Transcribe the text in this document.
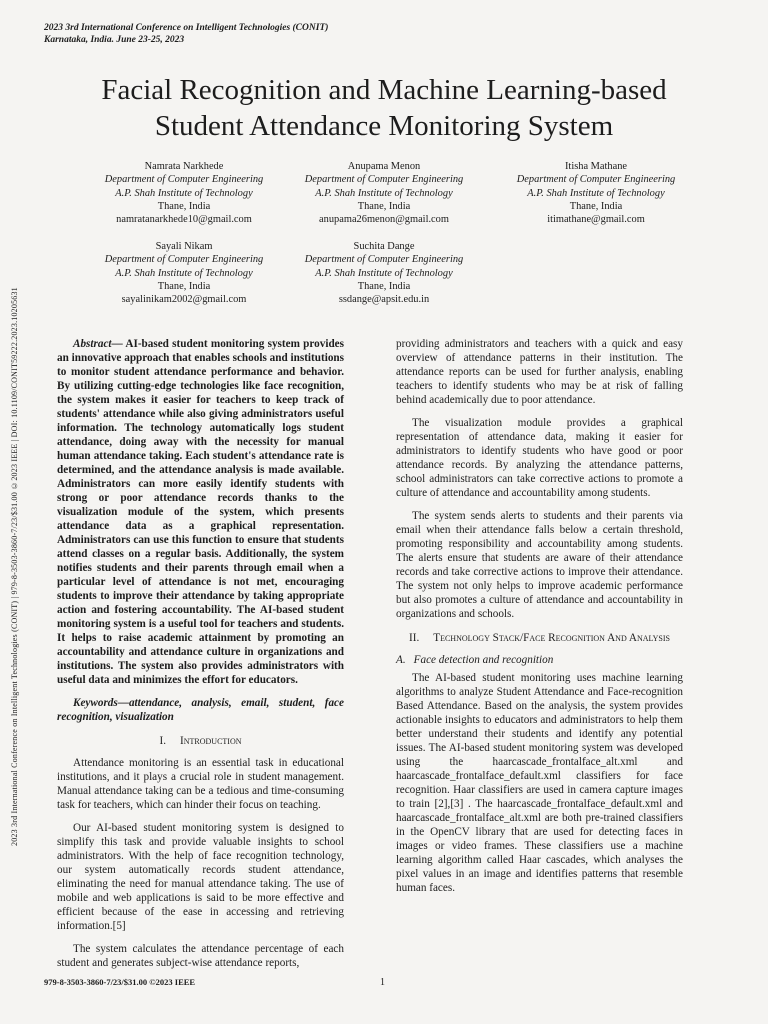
2023 3rd International Conference on Intelligent Technologies (CONIT)
Karnataka, India. June 23-25, 2023
Facial Recognition and Machine Learning-based
Student Attendance Monitoring System
Namrata Narkhede
Department of Computer Engineering
A.P. Shah Institute of Technology
Thane, India
namratanarkhede10@gmail.com
Anupama Menon
Department of Computer Engineering
A.P. Shah Institute of Technology
Thane, India
anupama26menon@gmail.com
Itisha Mathane
Department of Computer Engineering
A.P. Shah Institute of Technology
Thane, India
itimathane@gmail.com
Sayali Nikam
Department of Computer Engineering
A.P. Shah Institute of Technology
Thane, India
sayalinikam2002@gmail.com
Suchita Dange
Department of Computer Engineering
A.P. Shah Institute of Technology
Thane, India
ssdange@apsit.edu.in
2023 3rd International Conference on Intelligent Technologies (CONIT) | 979-8-3503-3860-7/23/$31.00 ©2023 IEEE | DOI: 10.1109/CONIT59222.2023.10205631	Abstract— AI-based student monitoring system provides an innovative approach that enables schools and institutions to monitor student attendance performance and behavior. By utilizing cutting-edge technologies like face recognition, the system makes it easier for teachers to keep track of students' attendance while also giving administrators useful information. The technology automatically logs student attendance, doing away with the necessity for manual human attendance taking. Each student's attendance rate is determined, and the attendance analysis is made available. Administrators can more easily identify students with strong or poor attendance records thanks to the visualization module of the system, which presents attendance data as a graphical representation. Administrators can use this function to ensure that students attend classes on a regular basis. Additionally, the system notifies students and their parents through email when a particular level of attendance is not met, encouraging students to improve their attendance by taking appropriate action and fostering accountability. The AI-based student monitoring system is a useful tool for teachers and students. It helps to raise academic attainment by promoting an accountability and attendance culture in organizations and institutions. The system also provides administrators with useful data and minimizes the effort for educators.

Keywords—attendance, analysis, email, student, face recognition, visualization

I. Introduction

Attendance monitoring is an essential task in educational institutions, and it plays a crucial role in student management. Manual attendance taking can be a tedious and time-consuming task for teachers, which can hinder their focus on teaching.

Our AI-based student monitoring system is designed to simplify this task and provide valuable insights to school administrators. With the help of face recognition technology, our system automatically records student attendance, eliminating the need for manual attendance taking. The use of mobile and web applications is said to be more effective and efficient because of the ease in accessing and retrieving information.[5]

The system calculates the attendance percentage of each student and generates subject-wise attendance reports,

providing administrators and teachers with a quick and easy overview of attendance patterns in their institution. The attendance reports can be used for further analysis, enabling teachers to identify students who may be at risk of falling behind academically due to poor attendance.

The visualization module provides a graphical representation of attendance data, making it easier for administrators to identify students who have good or poor attendance records. By analyzing the attendance patterns, school administrators can take corrective actions to promote a culture of attendance and accountability among students.

The system sends alerts to students and their parents via email when their attendance falls below a certain threshold, promoting responsibility and accountability among students. The alerts ensure that students are aware of their attendance records and take corrective actions to improve their attendance. The system not only helps to improve academic performance but also promotes a culture of attendance and accountability in organizations and schools.

II. Technology Stack/Face Recognition And Analysis
A. Face detection and recognition

The AI-based student monitoring uses machine learning algorithms to analyze Student Attendance and Face-recognition Based Attendance. Based on the analysis, the system provides actionable insights to educators and administrators to help them better understand their students and identify any potential issues. The AI-based student monitoring system was developed using the haarcascade_frontalface_alt.xml and haarcascade_frontalface_default.xml classifiers for face recognition. Haar classifiers are used in camera capture images to train [2],[3] . The haarcascade_frontalface_default.xml and haarcascade_frontalface_alt.xml are both pre-trained classifiers in the OpenCV library that are used for detecting faces in images or video frames. These classifiers use a machine learning algorithm called Haar cascades, which analyses the pixel values in an image and identifies patterns that resemble human faces.

979-8-3503-3860-7/23/$31.00 ©2023 IEEE	1
